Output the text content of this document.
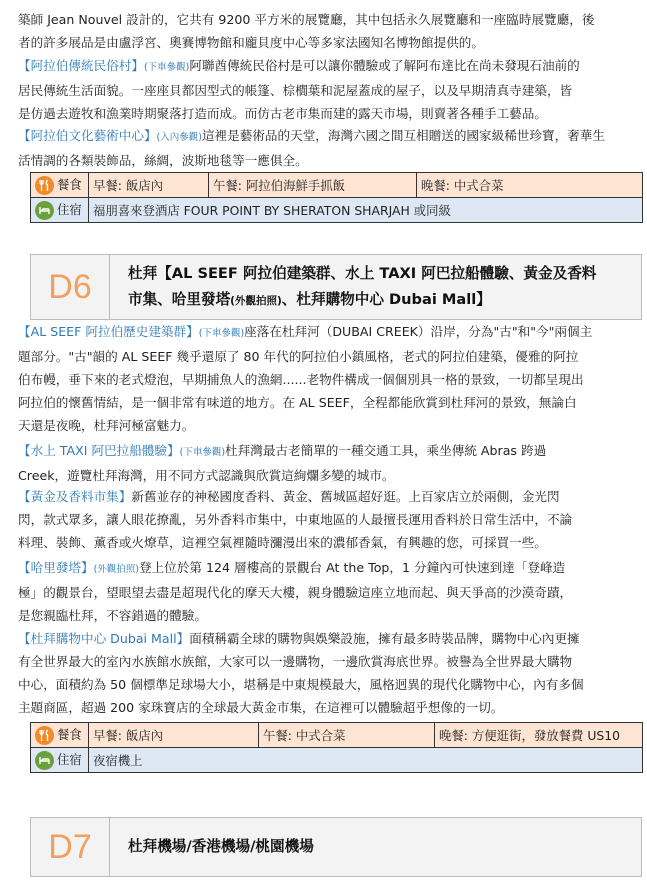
築師 Jean Nouvel 設計的，它共有 9200 平方米的展覽廳，其中包括永久展覽廳和一座臨時展覽廳，後

者的許多展品是由盧浮宮、奧賽博物館和龐貝度中心等多家法國知名博物館提供的。

【阿拉伯傳統民俗村】(下車參觀)阿聯酋傳統民俗村是可以讓你體驗或了解阿布達比在尚未發現石油前的

居民傳統生活面貌。一座座貝都因型式的帳篷、棕櫚葉和泥屋蓋成的屋子，以及早期清真寺建築，皆

是仿過去遊牧和漁業時期聚落打造而成。而仿古老市集而建的露天市場，則賣著各種手工藝品。

【阿拉伯文化藝術中心】(入內參觀)這裡是藝術品的天堂，海灣六國之間互相贈送的國家級稀世珍寶，奢華生

活情調的各類裝飾品，絲綢，波斯地毯等一應俱全。

餐食	早餐: 飯店內	午餐: 阿拉伯海鮮手抓飯	晚餐: 中式合菜

住宿	福朋喜來登酒店 FOUR POINT BY SHERATON SHARJAH 或同級		
D6	杜拜【AL SEEF 阿拉伯建築群、水上 TAXI 阿巴拉船體驗、黃金及香料
市集、哈里發塔(外觀拍照)、杜拜購物中心 Dubai Mall】

【AL SEEF 阿拉伯歷史建築群】(下車參觀)座落在杜拜河（DUBAI CREEK）沿岸，分為"古"和"今"兩個主

題部分。"古"韻的 AL SEEF 幾乎還原了 80 年代的阿拉伯小鎮風格，老式的阿拉伯建築，優雅的阿拉

伯布幔，垂下來的老式燈泡，早期捕魚人的漁網......老物件構成一個個別具一格的景致，一切都呈現出

阿拉伯的懷舊情結，是一個非常有味道的地方。在 AL SEEF，全程都能欣賞到杜拜河的景致，無論白

天還是夜晚，杜拜河極富魅力。

【水上 TAXI 阿巴拉船體驗】(下車參觀)杜拜灣最古老簡單的一種交通工具，乘坐傳統 Abras 跨過

Creek，遊覽杜拜海灣，用不同方式認識與欣賞這絢爛多變的城市。

【黃金及香料市集】新舊並存的神秘國度香料、黃金、舊城區超好逛。上百家店立於兩側，金光閃

閃，款式眾多，讓人眼花撩亂，另外香料市集中，中東地區的人最擅長運用香料於日常生活中，不論

料理、裝飾、薰香或火燎草，這裡空氣裡隨時瀰漫出來的濃郁香氣，有興趣的您，可採買一些。

【哈里發塔】(外觀拍照)登上位於第 124 層樓高的景觀台 At the Top，1 分鐘內可快速到達「登峰造

極」的觀景台，望眼望去盡是超現代化的摩天大樓，親身體驗這座立地而起、與天爭高的沙漠奇蹟，

是您親臨杜拜，不容錯過的體驗。

【杜拜購物中心 Dubai Mall】面積稱霸全球的購物與娛樂設施，擁有最多時裝品牌，購物中心內更擁

有全世界最大的室內水族館水族館，大家可以一邊購物，一邊欣賞海底世界。被譽為全世界最大購物

中心，面積約為 50 個標準足球場大小，堪稱是中東規模最大，風格迥異的現代化購物中心，內有多個

主題商區，超過 200 家珠寶店的全球最大黃金市集，在這裡可以體驗超乎想像的一切。

餐食	早餐: 飯店內	午餐: 中式合菜	晚餐: 方便逛街，發放餐費 US10

住宿	夜宿機上		
D7	杜拜機場/香港機場/桃園機場
